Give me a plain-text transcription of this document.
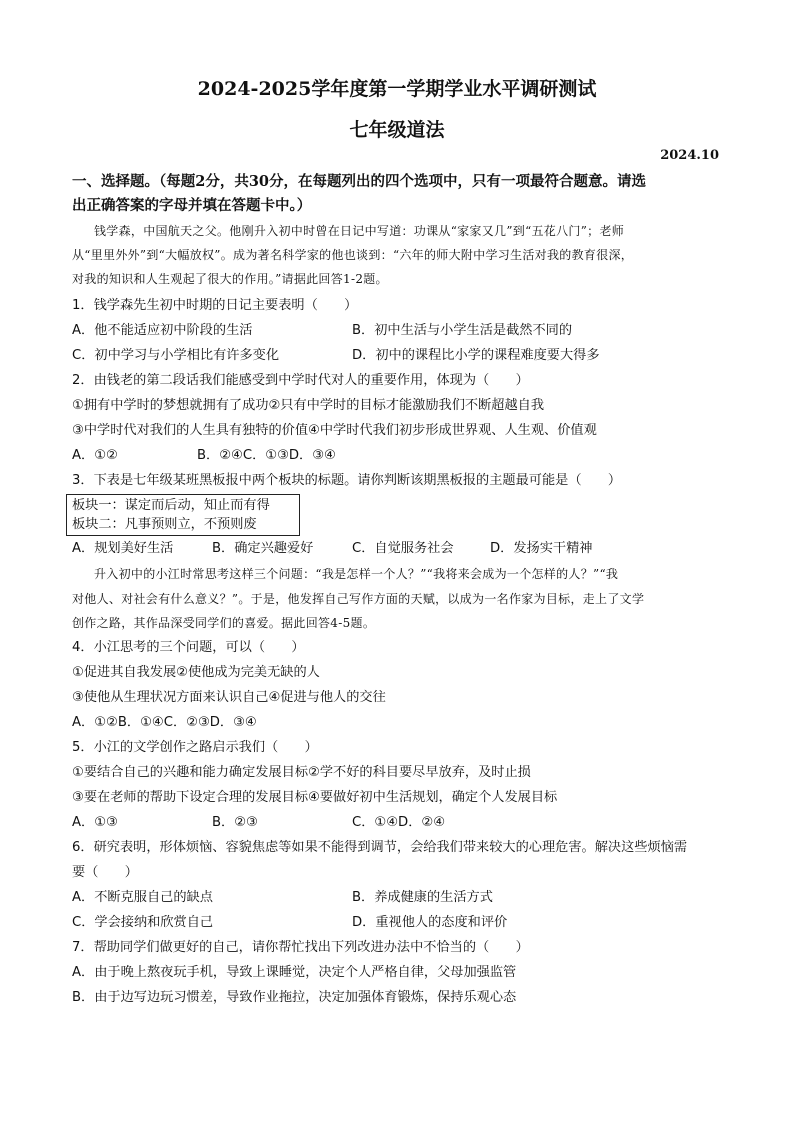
2024-2025学年度第一学期学业水平调研测试
七年级道法
2024.10
一、选择题。（每题2分，共30分，在每题列出的四个选项中，只有一项最符合题意。请选
出正确答案的字母并填在答题卡中。）
钱学森，中国航天之父。他刚升入初中时曾在日记中写道：功课从“家家又几”到“五花八门”；老师
从“里里外外”到“大幅放权”。成为著名科学家的他也谈到：“六年的师大附中学习生活对我的教育很深，
对我的知识和人生观起了很大的作用。”请据此回答1-2题。
1．钱学森先生初中时期的日记主要表明（　　）
A．他不能适应初中阶段的生活	B．初中生活与小学生活是截然不同的
C．初中学习与小学相比有许多变化	D．初中的课程比小学的课程难度要大得多
2．由钱老的第二段话我们能感受到中学时代对人的重要作用，体现为（　　）
①拥有中学时的梦想就拥有了成功②只有中学时的目标才能激励我们不断超越自我
③中学时代对我们的人生具有独特的价值④中学时代我们初步形成世界观、人生观、价值观
A．①②　　　　　　B．②④C．①③D．③④
3．下表是七年级某班黑板报中两个板块的标题。请你判断该期黑板报的主题最可能是（　　）
板块一：谋定而后动，知止而有得
板块二：凡事预则立，不预则废
A．规划美好生活	B．确定兴趣爱好	C．自觉服务社会	D．发扬实干精神
升入初中的小江时常思考这样三个问题：“我是怎样一个人？”“我将来会成为一个怎样的人？”“我
对他人、对社会有什么意义？”。于是，他发挥自己写作方面的天赋，以成为一名作家为目标，走上了文学
创作之路，其作品深受同学们的喜爱。据此回答4-5题。
4．小江思考的三个问题，可以（　　）
①促进其自我发展②使他成为完美无缺的人
③使他从生理状况方面来认识自己④促进与他人的交往
A．①②B．①④C．②③D．③④
5．小江的文学创作之路启示我们（　　）
①要结合自己的兴趣和能力确定发展目标②学不好的科目要尽早放弃，及时止损
③要在老师的帮助下设定合理的发展目标④要做好初中生活规划，确定个人发展目标
A．①③	B．②③	C．①④D．②④
6．研究表明，形体烦恼、容貌焦虑等如果不能得到调节，会给我们带来较大的心理危害。解决这些烦恼需
要（　　）
A．不断克服自己的缺点	B．养成健康的生活方式
C．学会接纳和欣赏自己	D．重视他人的态度和评价
7．帮助同学们做更好的自己，请你帮忙找出下列改进办法中不恰当的（　　）
A．由于晚上熬夜玩手机，导致上课睡觉，决定个人严格自律，父母加强监管
B．由于边写边玩习惯差，导致作业拖拉，决定加强体育锻炼，保持乐观心态
